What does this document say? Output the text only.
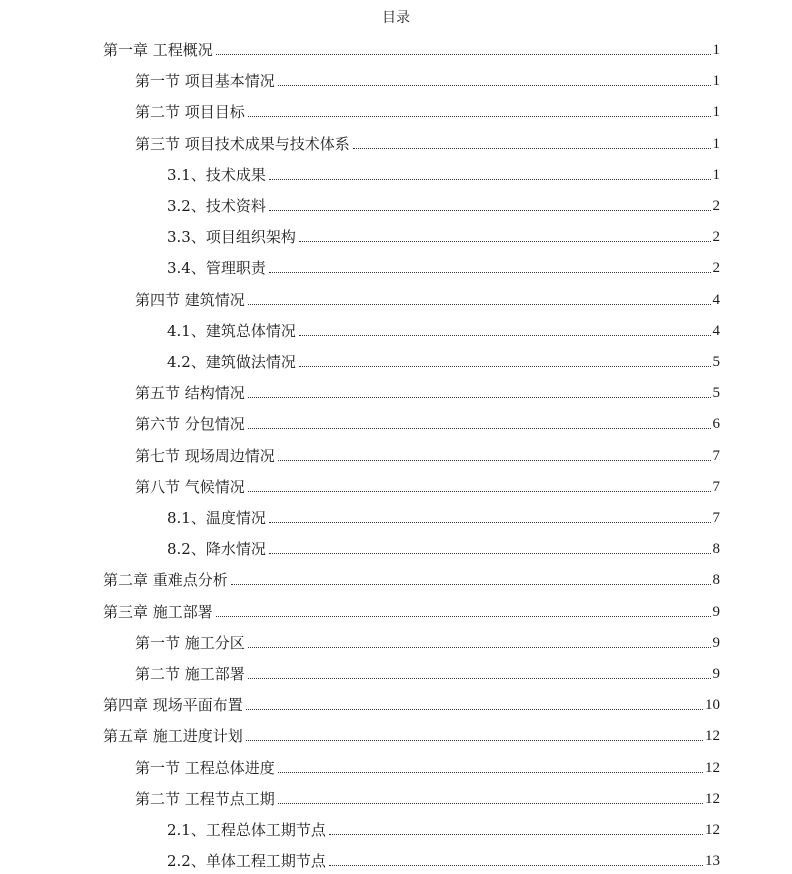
目录
第一章 工程概况	1
第一节 项目基本情况	1
第二节 项目目标	1
第三节 项目技术成果与技术体系	1
3.1、技术成果	1
3.2、技术资料	2
3.3、项目组织架构	2
3.4、管理职责	2
第四节 建筑情况	4
4.1、建筑总体情况	4
4.2、建筑做法情况	5
第五节 结构情况	5
第六节 分包情况	6
第七节 现场周边情况	7
第八节 气候情况	7
8.1、温度情况	7
8.2、降水情况	8
第二章 重难点分析	8
第三章 施工部署	9
第一节 施工分区	9
第二节 施工部署	9
第四章 现场平面布置	10
第五章 施工进度计划	12
第一节 工程总体进度	12
第二节 工程节点工期	12
2.1、工程总体工期节点	12
2.2、单体工程工期节点	13
